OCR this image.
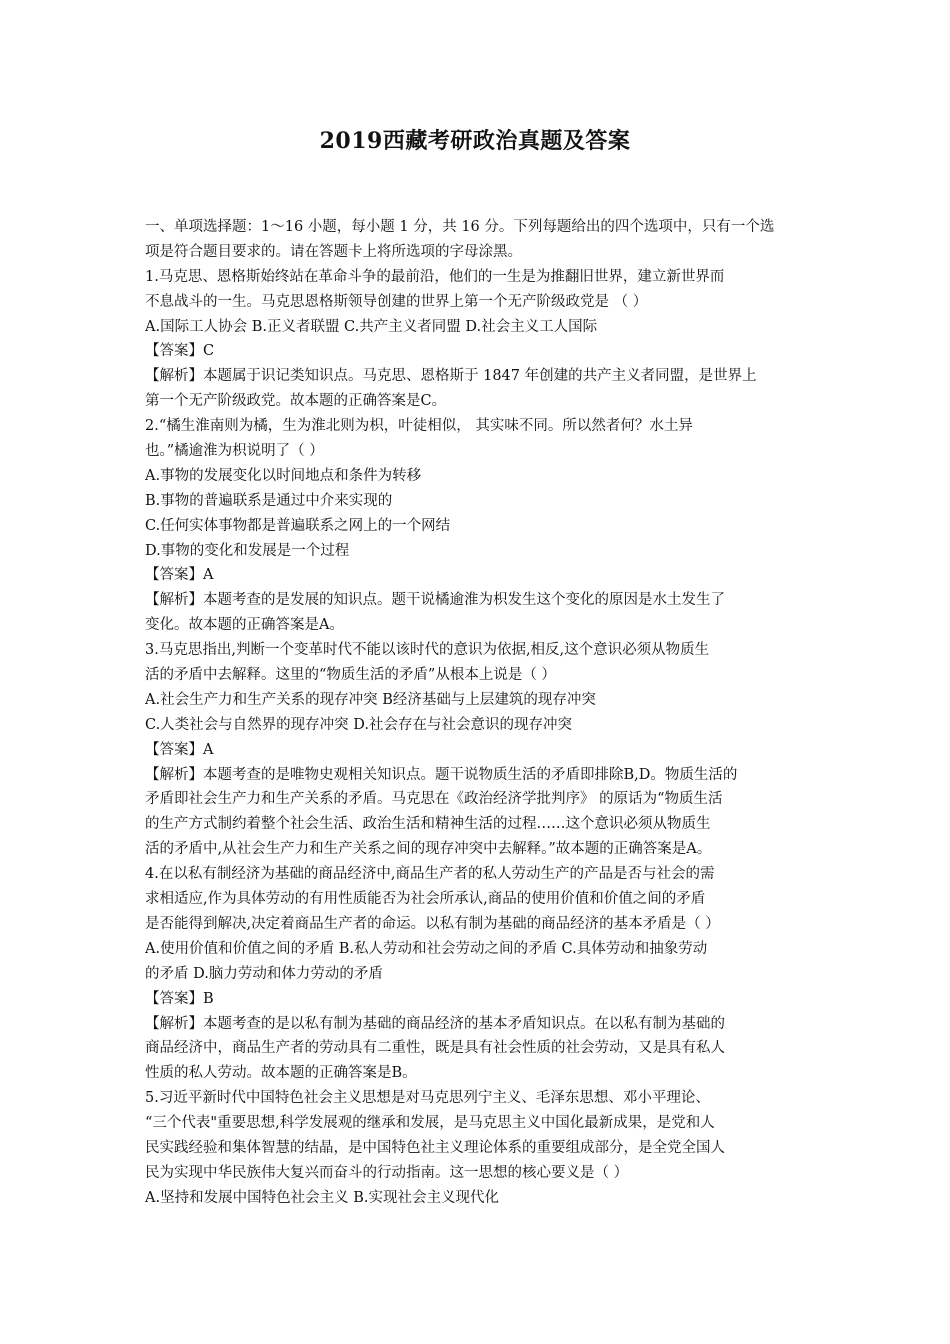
2019西藏考研政治真题及答案
一、单项选择题：1～16 小题，每小题 1 分，共 16 分。下列每题给出的四个选项中，只有一个选
项是符合题目要求的。请在答题卡上将所选项的字母涂黑。
1.马克思、恩格斯始终站在革命斗争的最前沿，他们的一生是为推翻旧世界，建立新世界而
不息战斗的一生。马克思恩格斯领导创建的世界上第一个无产阶级政党是 （ ）
A.国际工人协会 B.正义者联盟 C.共产主义者同盟 D.社会主义工人国际
【答案】C
【解析】本题属于识记类知识点。马克思、恩格斯于 1847 年创建的共产主义者同盟，是世界上
第一个无产阶级政党。故本题的正确答案是C。
2.“橘生淮南则为橘，生为淮北则为枳，叶徒相似， 其实味不同。所以然者何？水土异
也。”橘逾淮为枳说明了（ ）
A.事物的发展变化以时间地点和条件为转移
B.事物的普遍联系是通过中介来实现的
C.任何实体事物都是普遍联系之网上的一个网结
D.事物的变化和发展是一个过程
【答案】A
【解析】本题考查的是发展的知识点。题干说橘逾淮为枳发生这个变化的原因是水土发生了
变化。故本题的正确答案是A。
3.马克思指出,判断一个变革时代不能以该时代的意识为依据,相反,这个意识必须从物质生
活的矛盾中去解释。这里的“物质生活的矛盾”从根本上说是（ ）
A.社会生产力和生产关系的现存冲突 B经济基础与上层建筑的现存冲突
C.人类社会与自然界的现存冲突 D.社会存在与社会意识的现存冲突
【答案】A
【解析】本题考查的是唯物史观相关知识点。题干说物质生活的矛盾即排除B,D。物质生活的
矛盾即社会生产力和生产关系的矛盾。马克思在《政治经济学批判序》 的原话为“物质生活
的生产方式制约着整个社会生活、政治生活和精神生活的过程……这个意识必须从物质生
活的矛盾中,从社会生产力和生产关系之间的现存冲突中去解释。”故本题的正确答案是A。
4.在以私有制经济为基础的商品经济中,商品生产者的私人劳动生产的产品是否与社会的需
求相适应,作为具体劳动的有用性质能否为社会所承认,商品的使用价值和价值之间的矛盾
是否能得到解决,决定着商品生产者的命运。以私有制为基础的商品经济的基本矛盾是（ ）
A.使用价值和价值之间的矛盾 B.私人劳动和社会劳动之间的矛盾 C.具体劳动和抽象劳动
的矛盾 D.脑力劳动和体力劳动的矛盾
【答案】B
【解析】本题考查的是以私有制为基础的商品经济的基本矛盾知识点。在以私有制为基础的
商品经济中，商品生产者的劳动具有二重性，既是具有社会性质的社会劳动，又是具有私人
性质的私人劳动。故本题的正确答案是B。
5.习近平新时代中国特色社会主义思想是对马克思列宁主义、毛泽东思想、邓小平理论、
“三个代表"重要思想,科学发展观的继承和发展，是马克思主义中国化最新成果，是党和人
民实践经验和集体智慧的结晶，是中国特色社主义理论体系的重要组成部分，是全党全国人
民为实现中华民族伟大复兴而奋斗的行动指南。这一思想的核心要义是（ ）
A.坚持和发展中国特色社会主义 B.实现社会主义现代化
